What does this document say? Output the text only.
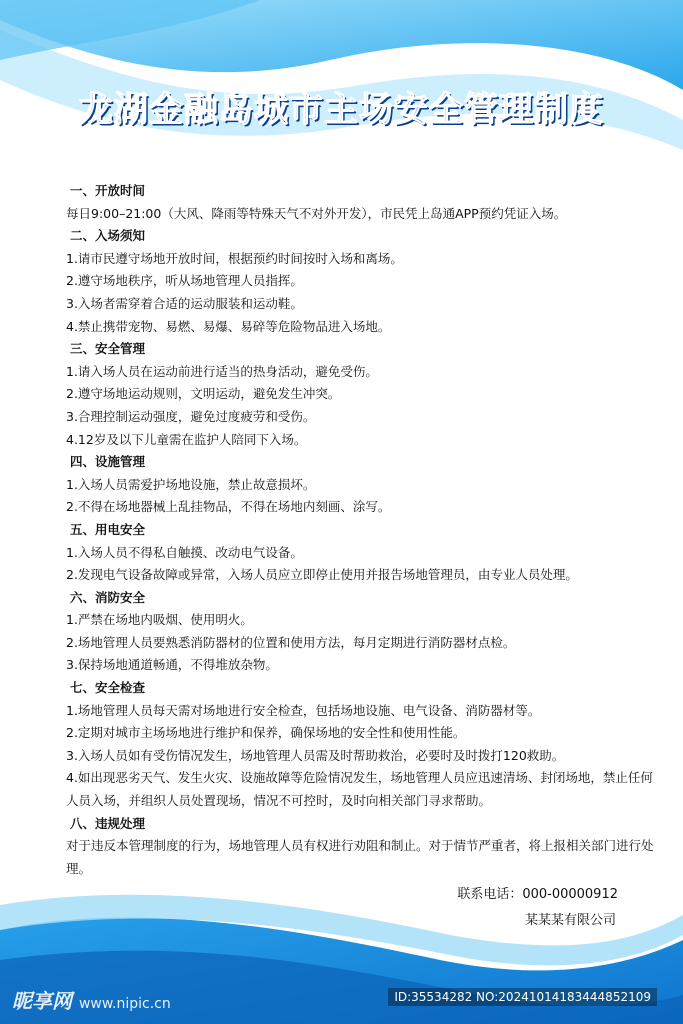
龙湖金融岛城市主场安全管理制度

一、开放时间

每日9:00–21:00（大风、降雨等特殊天气不对外开发），市民凭上岛通APP预约凭证入场。

二、入场须知

1.请市民遵守场地开放时间，根据预约时间按时入场和离场。

2.遵守场地秩序，听从场地管理人员指挥。

3.入场者需穿着合适的运动服装和运动鞋。

4.禁止携带宠物、易燃、易爆、易碎等危险物品进入场地。

三、安全管理

1.请入场人员在运动前进行适当的热身活动，避免受伤。

2.遵守场地运动规则，文明运动，避免发生冲突。

3.合理控制运动强度，避免过度疲劳和受伤。

4.12岁及以下儿童需在监护人陪同下入场。

四、设施管理

1.入场人员需爱护场地设施，禁止故意损坏。

2.不得在场地器械上乱挂物品，不得在场地内刻画、涂写。

五、用电安全

1.入场人员不得私自触摸、改动电气设备。

2.发现电气设备故障或异常，入场人员应立即停止使用并报告场地管理员，由专业人员处理。

六、消防安全

1.严禁在场地内吸烟、使用明火。

2.场地管理人员要熟悉消防器材的位置和使用方法，每月定期进行消防器材点检。

3.保持场地通道畅通，不得堆放杂物。

七、安全检查

1.场地管理人员每天需对场地进行安全检查，包括场地设施、电气设备、消防器材等。

2.定期对城市主场场地进行维护和保养，确保场地的安全性和使用性能。

3.入场人员如有受伤情况发生，场地管理人员需及时帮助救治，必要时及时拨打120救助。

4.如出现恶劣天气、发生火灾、设施故障等危险情况发生，场地管理人员应迅速清场、封闭场地，禁止任何人员入场，并组织人员处置现场，情况不可控时，及时向相关部门寻求帮助。

八、违规处理

对于违反本管理制度的行为，场地管理人员有权进行劝阻和制止。对于情节严重者，将上报相关部门进行处理。

联系电话：000-00000912
某某某有限公司
昵享网 www.nipic.cn	ID:35534282 NO:20241014183444852109
